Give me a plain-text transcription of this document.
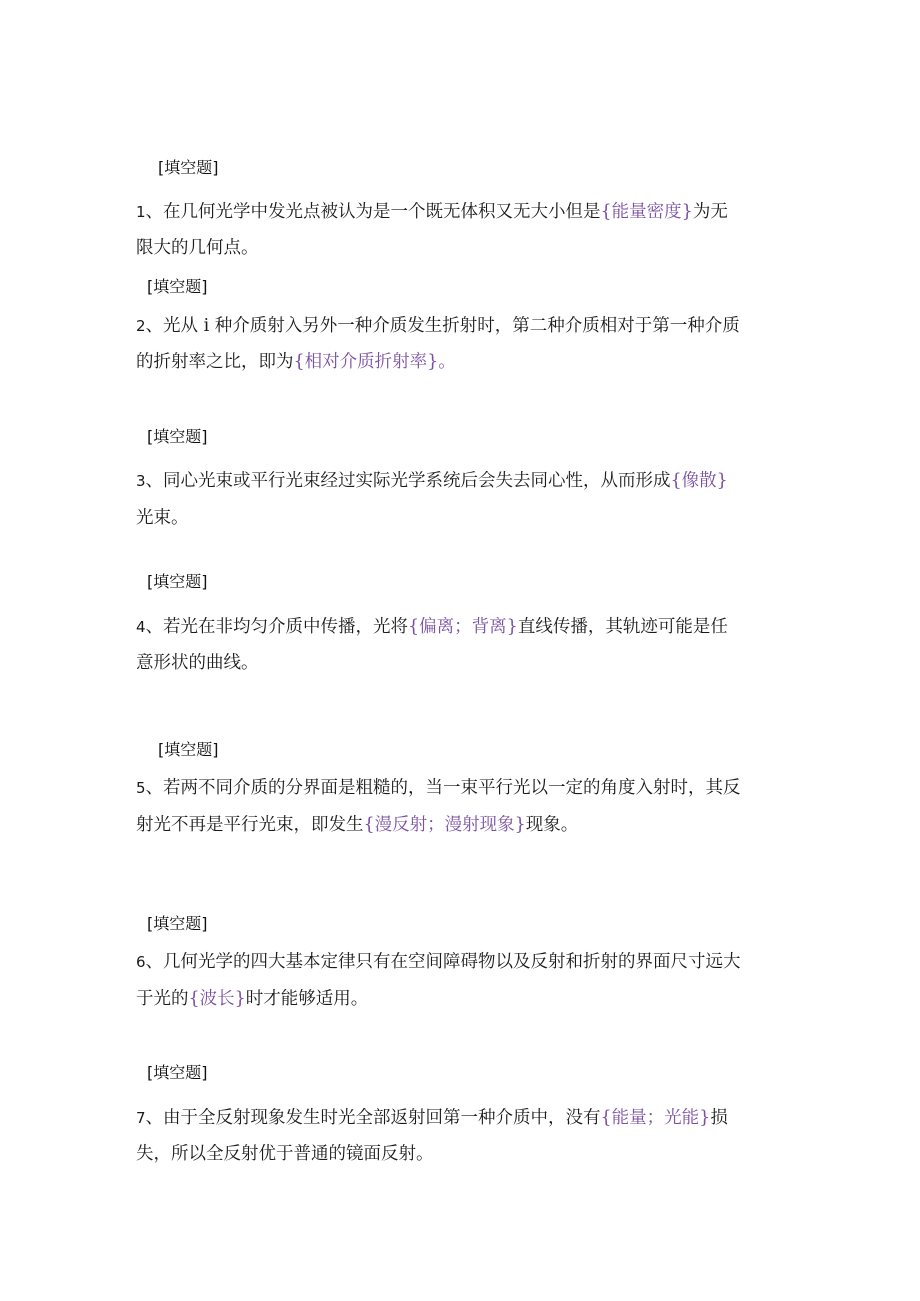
[填空题]
1、在几何光学中发光点被认为是一个既无体积又无大小但是{能量密度}为无
限大的几何点。
[填空题]
2、光从 i 种介质射入另外一种介质发生折射时，第二种介质相对于第一种介质
的折射率之比，即为{相对介质折射率}。
[填空题]
3、同心光束或平行光束经过实际光学系统后会失去同心性，从而形成{像散}
光束。
[填空题]
4、若光在非均匀介质中传播，光将{偏离；背离}直线传播，其轨迹可能是任
意形状的曲线。
[填空题]
5、若两不同介质的分界面是粗糙的，当一束平行光以一定的角度入射时，其反
射光不再是平行光束，即发生{漫反射；漫射现象}现象。
[填空题]
6、几何光学的四大基本定律只有在空间障碍物以及反射和折射的界面尺寸远大
于光的{波长}时才能够适用。
[填空题]
7、由于全反射现象发生时光全部返射回第一种介质中，没有{能量；光能}损
失，所以全反射优于普通的镜面反射。
